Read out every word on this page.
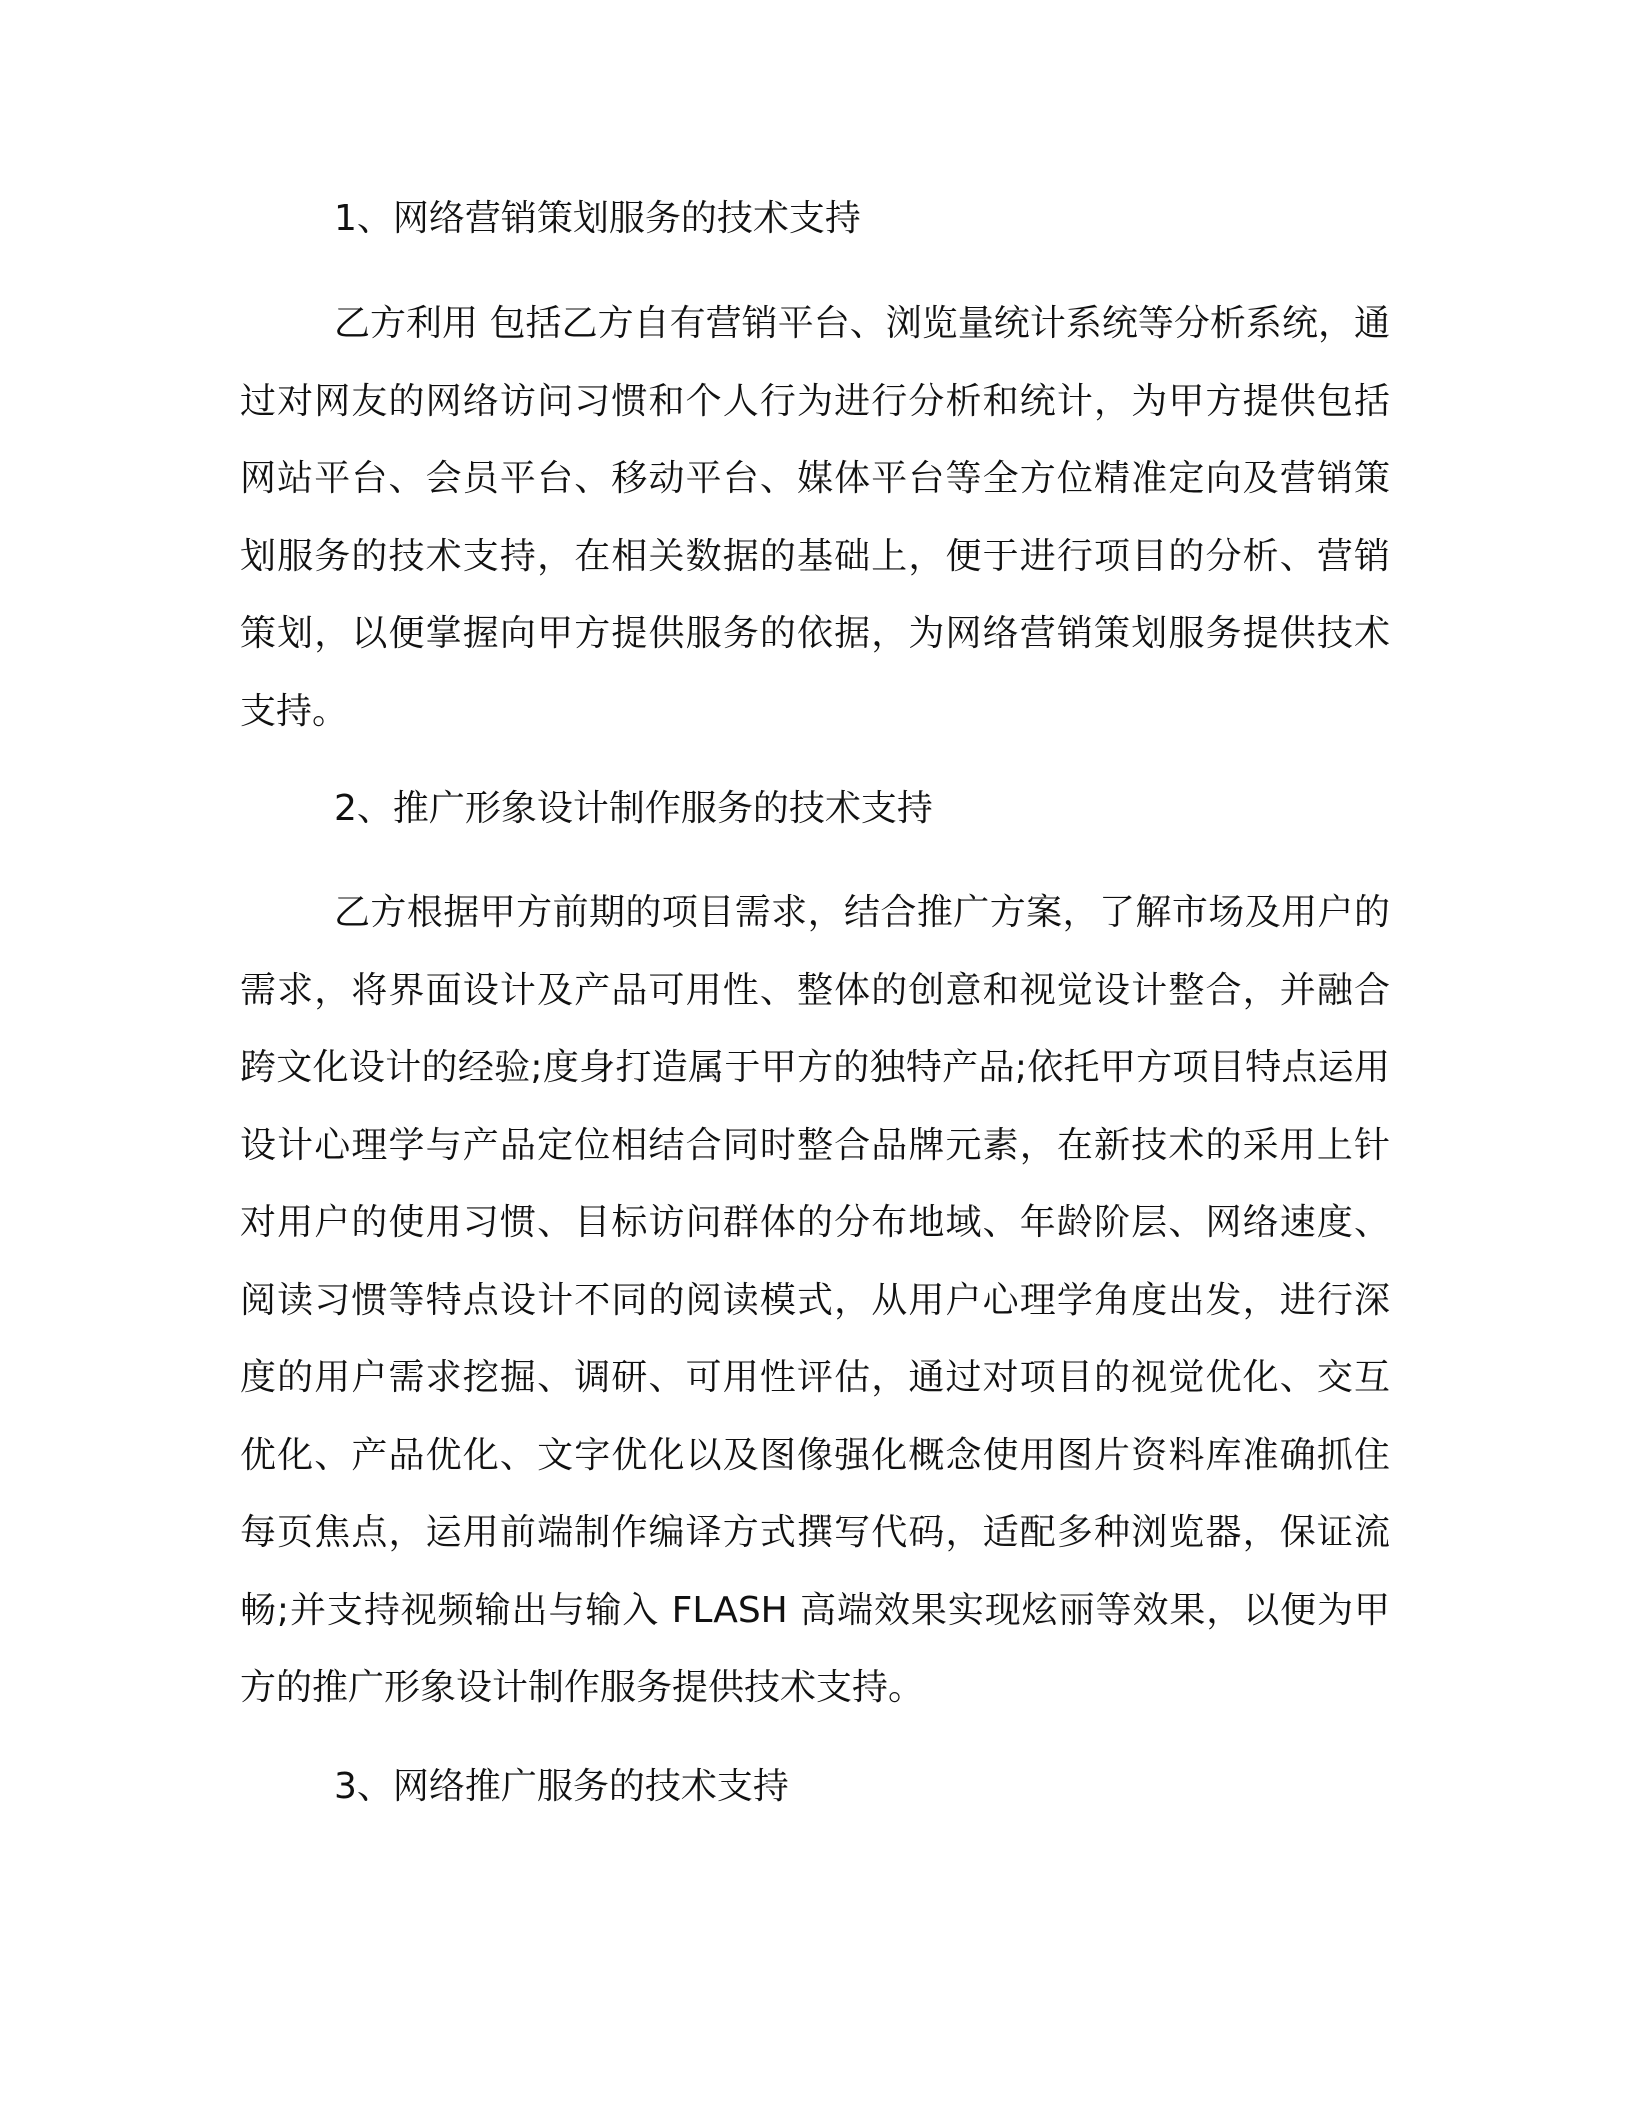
1、网络营销策划服务的技术支持
乙方利用 包括乙方自有营销平台、浏览量统计系统等分析系统，通过对网友的网络访问习惯和个人行为进行分析和统计，为甲方提供包括网站平台、会员平台、移动平台、媒体平台等全方位精准定向及营销策划服务的技术支持，在相关数据的基础上，便于进行项目的分析、营销策划，以便掌握向甲方提供服务的依据，为网络营销策划服务提供技术支持。
2、推广形象设计制作服务的技术支持
乙方根据甲方前期的项目需求，结合推广方案，了解市场及用户的需求，将界面设计及产品可用性、整体的创意和视觉设计整合，并融合跨文化设计的经验;度身打造属于甲方的独特产品;依托甲方项目特点运用设计心理学与产品定位相结合同时整合品牌元素，在新技术的采用上针对用户的使用习惯、目标访问群体的分布地域、年龄阶层、网络速度、阅读习惯等特点设计不同的阅读模式，从用户心理学角度出发，进行深度的用户需求挖掘、调研、可用性评估，通过对项目的视觉优化、交互优化、产品优化、文字优化以及图像强化概念使用图片资料库准确抓住每页焦点，运用前端制作编译方式撰写代码，适配多种浏览器，保证流畅;并支持视频输出与输入 FLASH 高端效果实现炫丽等效果，以便为甲方的推广形象设计制作服务提供技术支持。
3、网络推广服务的技术支持
